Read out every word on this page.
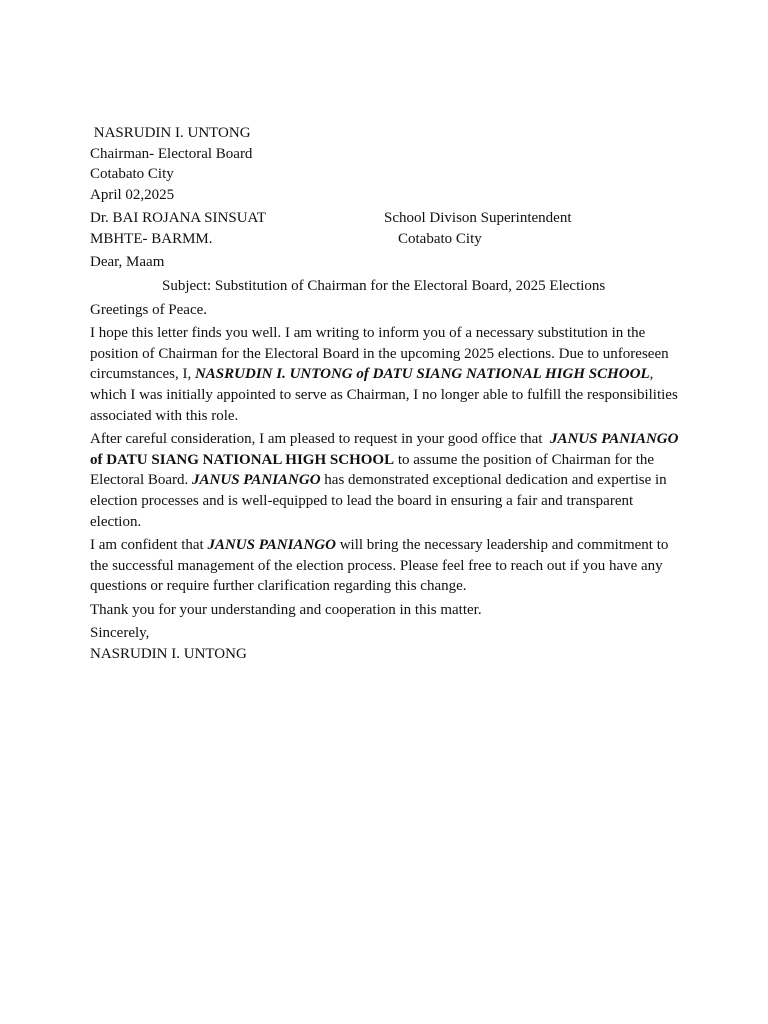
NASRUDIN I. UNTONG
Chairman- Electoral Board
Cotabato City
April 02,2025
Dr. BAI ROJANA SINSUAT	School Divison Superintendent
MBHTE- BARMM.	Cotabato City
Dear, Maam
Subject: Substitution of Chairman for the Electoral Board, 2025 Elections
Greetings of Peace.

I hope this letter finds you well. I am writing to inform you of a necessary substitution in the position of Chairman for the Electoral Board in the upcoming 2025 elections. Due to unforeseen circumstances, I, NASRUDIN I. UNTONG of DATU SIANG NATIONAL HIGH SCHOOL, which I was initially appointed to serve as Chairman, I no longer able to fulfill the responsibilities associated with this role.

After careful consideration, I am pleased to request in your good office that  JANUS PANIANGO of DATU SIANG NATIONAL HIGH SCHOOL to assume the position of Chairman for the Electoral Board. JANUS PANIANGO has demonstrated exceptional dedication and expertise in election processes and is well-equipped to lead the board in ensuring a fair and transparent election.

I am confident that JANUS PANIANGO will bring the necessary leadership and commitment to the successful management of the election process. Please feel free to reach out if you have any questions or require further clarification regarding this change.

Thank you for your understanding and cooperation in this matter.
Sincerely,
NASRUDIN I. UNTONG
